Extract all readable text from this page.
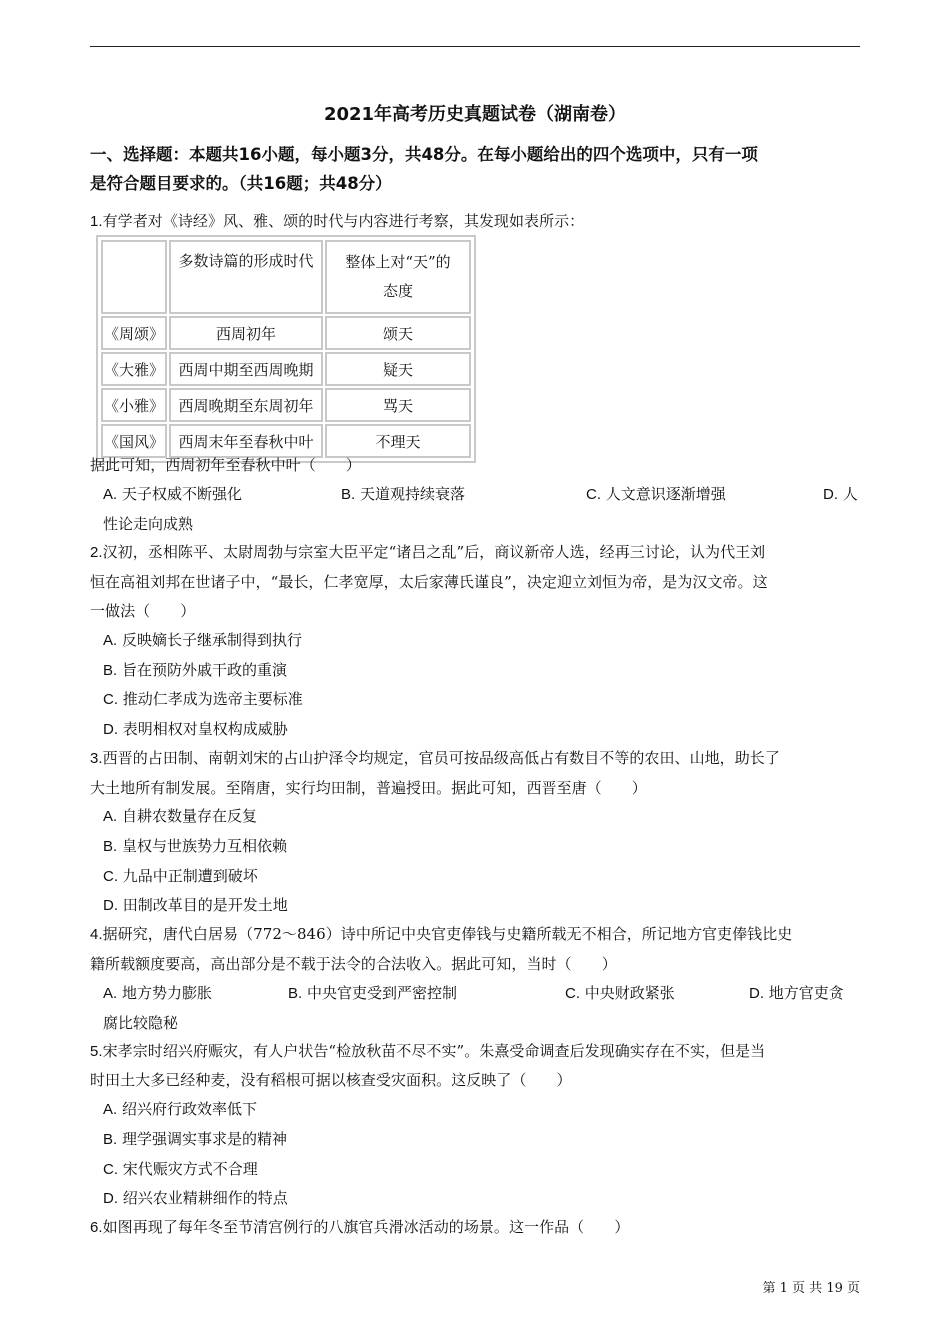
2021年高考历史真题试卷（湖南卷）
一、选择题：本题共16小题，每小题3分，共48分。在每小题给出的四个选项中，只有一项
是符合题目要求的。（共16题；共48分）
1.有学者对《诗经》风、雅、颂的时代与内容进行考察，其发现如表所示：
	多数诗篇的形成时代	整体上对“天”的
态度

《周颂》	西周初年	颂天
《大雅》	西周中期至西周晚期	疑天
《小雅》	西周晚期至东周初年	骂天
《国风》	西周末年至春秋中叶	不理天
据此可知，西周初年至春秋中叶（　　）
A. 天子权威不断强化	B. 天道观持续衰落	C. 人文意识逐渐增强	D. 人
性论走向成熟
2.汉初，丞相陈平、太尉周勃与宗室大臣平定“诸吕之乱”后，商议新帝人选，经再三讨论，认为代王刘
恒在高祖刘邦在世诸子中，“最长，仁孝宽厚，太后家薄氏谨良”，决定迎立刘恒为帝，是为汉文帝。这
一做法（　　）
A. 反映嫡长子继承制得到执行
B. 旨在预防外戚干政的重演
C. 推动仁孝成为选帝主要标准
D. 表明相权对皇权构成威胁
3.西晋的占田制、南朝刘宋的占山护泽令均规定，官员可按品级高低占有数目不等的农田、山地，助长了
大土地所有制发展。至隋唐，实行均田制，普遍授田。据此可知，西晋至唐（　　）
A. 自耕农数量存在反复
B. 皇权与世族势力互相依赖
C. 九品中正制遭到破坏
D. 田制改革目的是开发土地
4.据研究，唐代白居易（772～846）诗中所记中央官吏俸钱与史籍所载无不相合，所记地方官吏俸钱比史
籍所载额度要高，高出部分是不载于法令的合法收入。据此可知，当时（　　）
A. 地方势力膨胀	B. 中央官吏受到严密控制	C. 中央财政紧张	D. 地方官吏贪
腐比较隐秘
5.宋孝宗时绍兴府赈灾，有人户状告“检放秋苗不尽不实”。朱熹受命调查后发现确实存在不实，但是当
时田土大多已经种麦，没有稻根可据以核查受灾面积。这反映了（　　）
A. 绍兴府行政效率低下
B. 理学强调实事求是的精神
C. 宋代赈灾方式不合理
D. 绍兴农业精耕细作的特点
6.如图再现了每年冬至节清宫例行的八旗官兵滑冰活动的场景。这一作品（　　）
第 1 页 共 19 页
